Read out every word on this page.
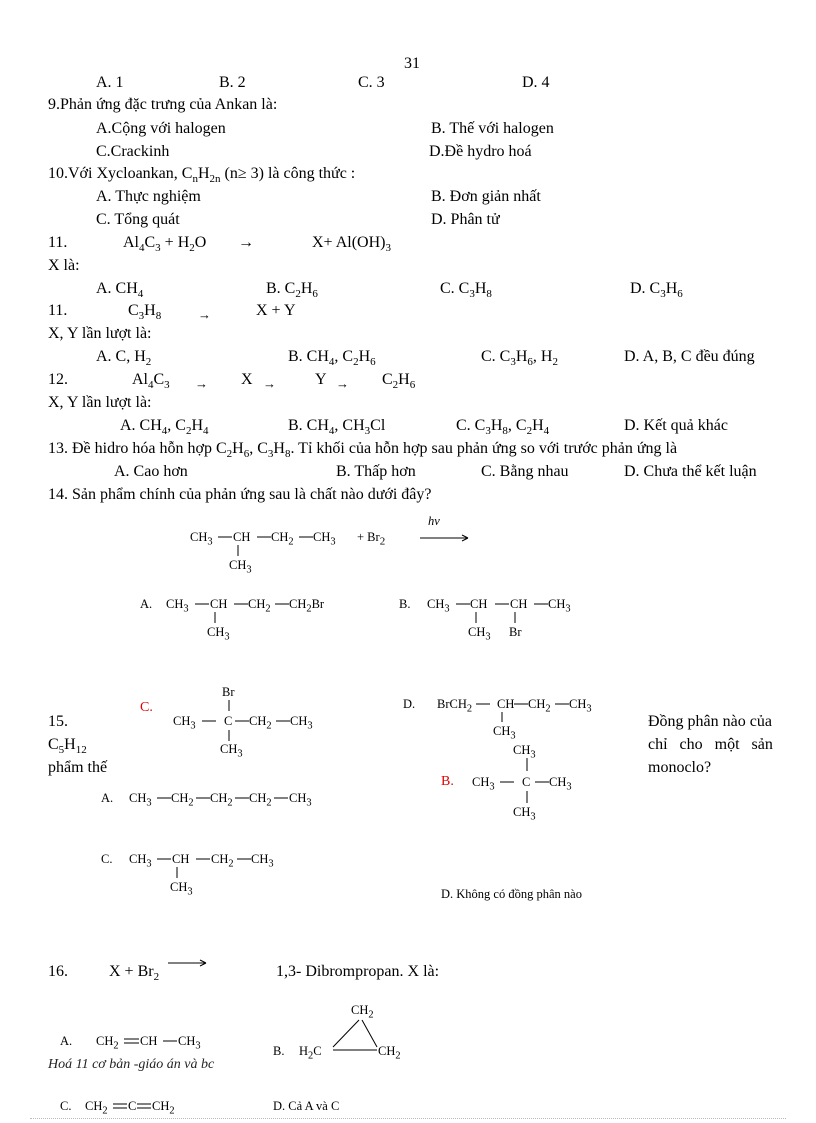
31
A. 1	B. 2	C. 3	D. 4
9.Phản ứng đặc trưng của Ankan là:
A.Cộng với halogen	B. Thế với halogen
C.Crackinh	D.Đề hydro hoá
10.Với Xycloankan, $C_nH_{2n}$ (n≥ 3) là công thức :
A. Thực nghiệm	B. Đơn giản nhất
C. Tổng quát	D. Phân tử
11.	$Al_4C_3 + H_2O$ →	$X+ Al(OH)_3$
X là:
A. $CH_4$	B. $C_2H_6$	C. $C_3H_8$	D. $C_3H_6$
11.	$C_3H_8$	→	X + Y
X, Y lần lượt là:
A. C, $H_2$	B. $CH_4$, $C_2H_6$	C. $C_3H_6$, $H_2$	D. A, B, C đều đúng
12.	$Al_4C_3 \to X \to Y \to C_2H_6$
X, Y lần lượt là:
A. $CH_4$, $C_2H_4$	B. $CH_4$, $CH_3Cl$	C. $C_3H_8$, $C_2H_4$	D. Kết quả khác
13. Đề hidro hóa hỗn hợp $C_2H_6$, $C_3H_8$. Tỉ khối của hỗn hợp sau phản ứng so với trước phản ứng là
A. Cao hơn	B. Thấp hơn	C. Bằng nhau	D. Chưa thể kết luận
14. Sản phẩm chính của phản ứng sau là chất nào dưới đây?
$CH_3$ CH $CH_2$ $CH_3$
$CH_3$
+ $Br_2$
hv
A. $CH_3$ CH $CH_2$ $CH_2Br$
$CH_3$
B. $CH_3$ CH CH $CH_3$
$CH_3$ Br
C.
Br
$CH_3$ C $CH_2$ $CH_3$
$CH_3$
D. BrCH$_2$ CH $CH_2$ $CH_3$
$CH_3$
15.
$C_5H_{12}$
phẩm thế
Đồng phân nào của
chỉ cho một sản
monoclo?
$CH_3$
B. $CH_3$ C $CH_3$
$CH_3$
A. $CH_3$ $CH_2$ $CH_2$ $CH_2$ $CH_3$
C. $CH_3$ CH $CH_2$ $CH_3$
$CH_3$	D. Không có đồng phân nào
16.	$X + Br_2$	1,3- Dibrompropan. X là:
$CH_2$
A. $CH_2$ CH $CH_3$
Hoá 11 cơ bản -giáo án và bc
B. $H_2C$	$CH_2$
C. $CH_2$ C $CH_2$	D. Cả A và C
